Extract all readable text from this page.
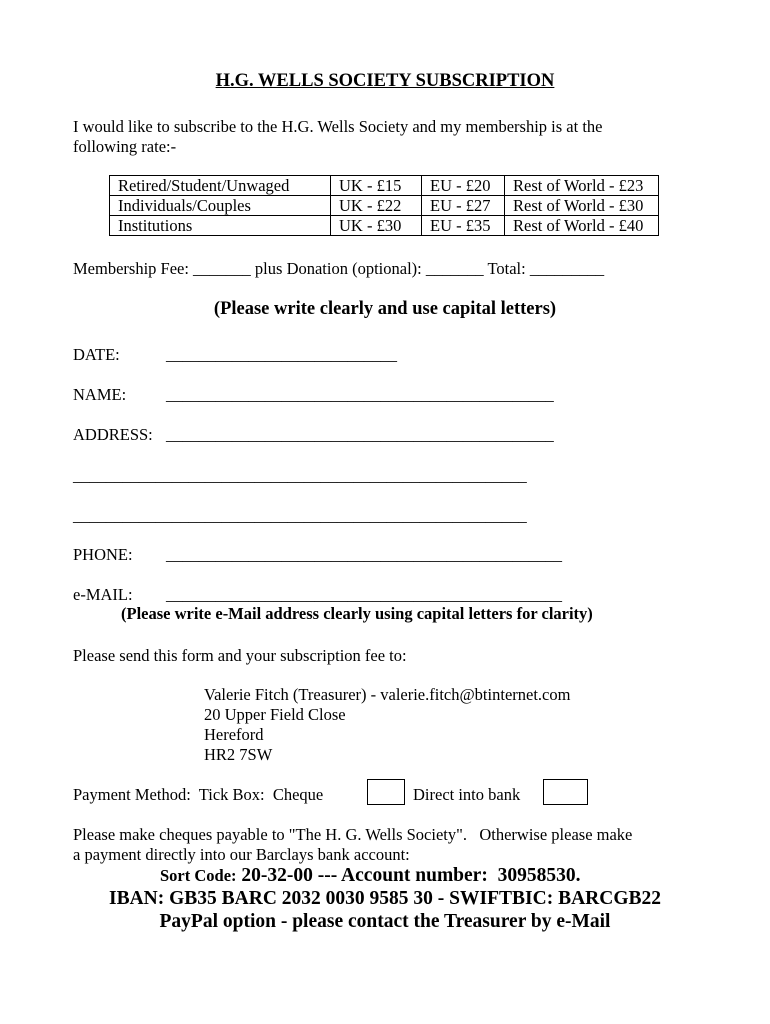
H.G. WELLS SOCIETY SUBSCRIPTION
I would like to subscribe to the H.G. Wells Society and my membership is at the
following rate:-
Retired/Student/Unwaged	UK - £15	EU - £20	Rest of World - £23
Individuals/Couples	UK - £22	EU - £27	Rest of World - £30
Institutions	UK - £30	EU - £35	Rest of World - £40
Membership Fee: _______ plus Donation (optional): _______ Total: _________
(Please write clearly and use capital letters)
DATE:	____________________________
NAME: _______________________________________________
ADDRESS: _______________________________________________
_______________________________________________________
_______________________________________________________
PHONE: ________________________________________________
e-MAIL: ________________________________________________
(Please write e-Mail address clearly using capital letters for clarity)
Please send this form and your subscription fee to:
Valerie Fitch (Treasurer) - valerie.fitch@btinternet.com
20 Upper Field Close
Hereford
HR2 7SW
Payment Method:  Tick Box:  Cheque	Direct into bank
Please make cheques payable to "The H. G. Wells Society".   Otherwise please make
a payment directly into our Barclays bank account:
Sort Code: 20-32-00 --- Account number:  30958530.
IBAN: GB35 BARC 2032 0030 9585 30 - SWIFTBIC: BARCGB22
PayPal option - please contact the Treasurer by e-Mail
